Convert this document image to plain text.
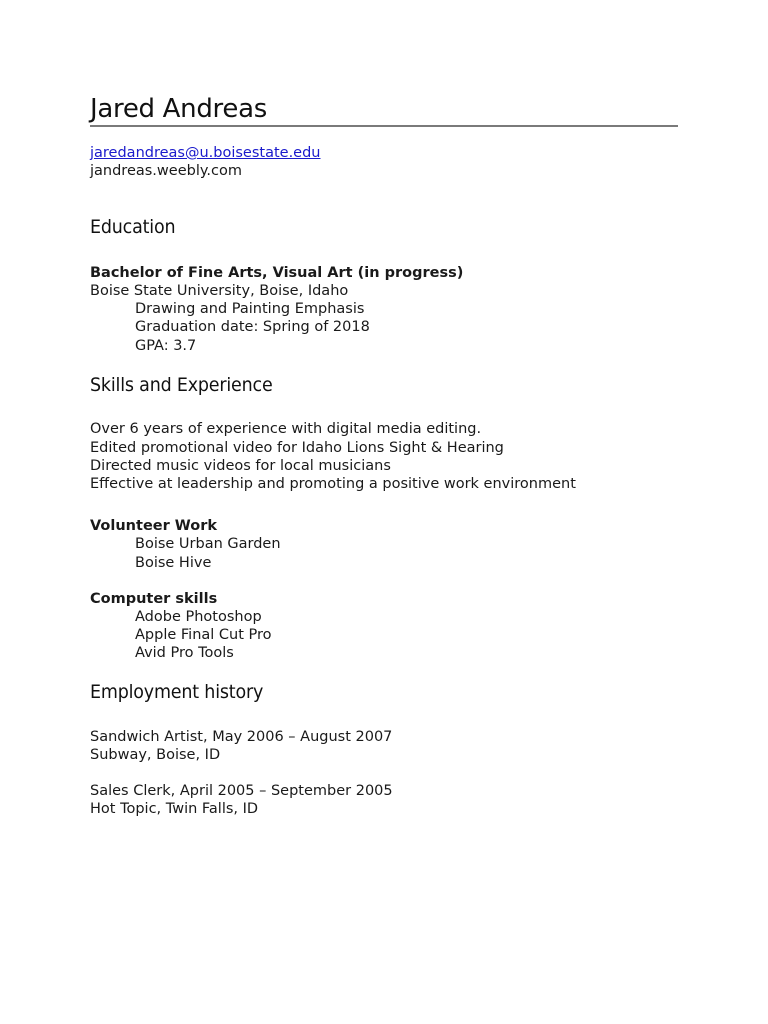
Jared Andreas
jaredandreas@u.boisestate.edu
jandreas.weebly.com
Education
Bachelor of Fine Arts, Visual Art (in progress)
Boise State University, Boise, Idaho
Drawing and Painting Emphasis
Graduation date: Spring of 2018
GPA: 3.7
Skills and Experience
Over 6 years of experience with digital media editing.
Edited promotional video for Idaho Lions Sight & Hearing
Directed music videos for local musicians
Effective at leadership and promoting a positive work environment
Volunteer Work
Boise Urban Garden
Boise Hive
Computer skills
Adobe Photoshop
Apple Final Cut Pro
Avid Pro Tools
Employment history
Sandwich Artist, May 2006 – August 2007
Subway, Boise, ID
Sales Clerk, April 2005 – September 2005
Hot Topic, Twin Falls, ID
